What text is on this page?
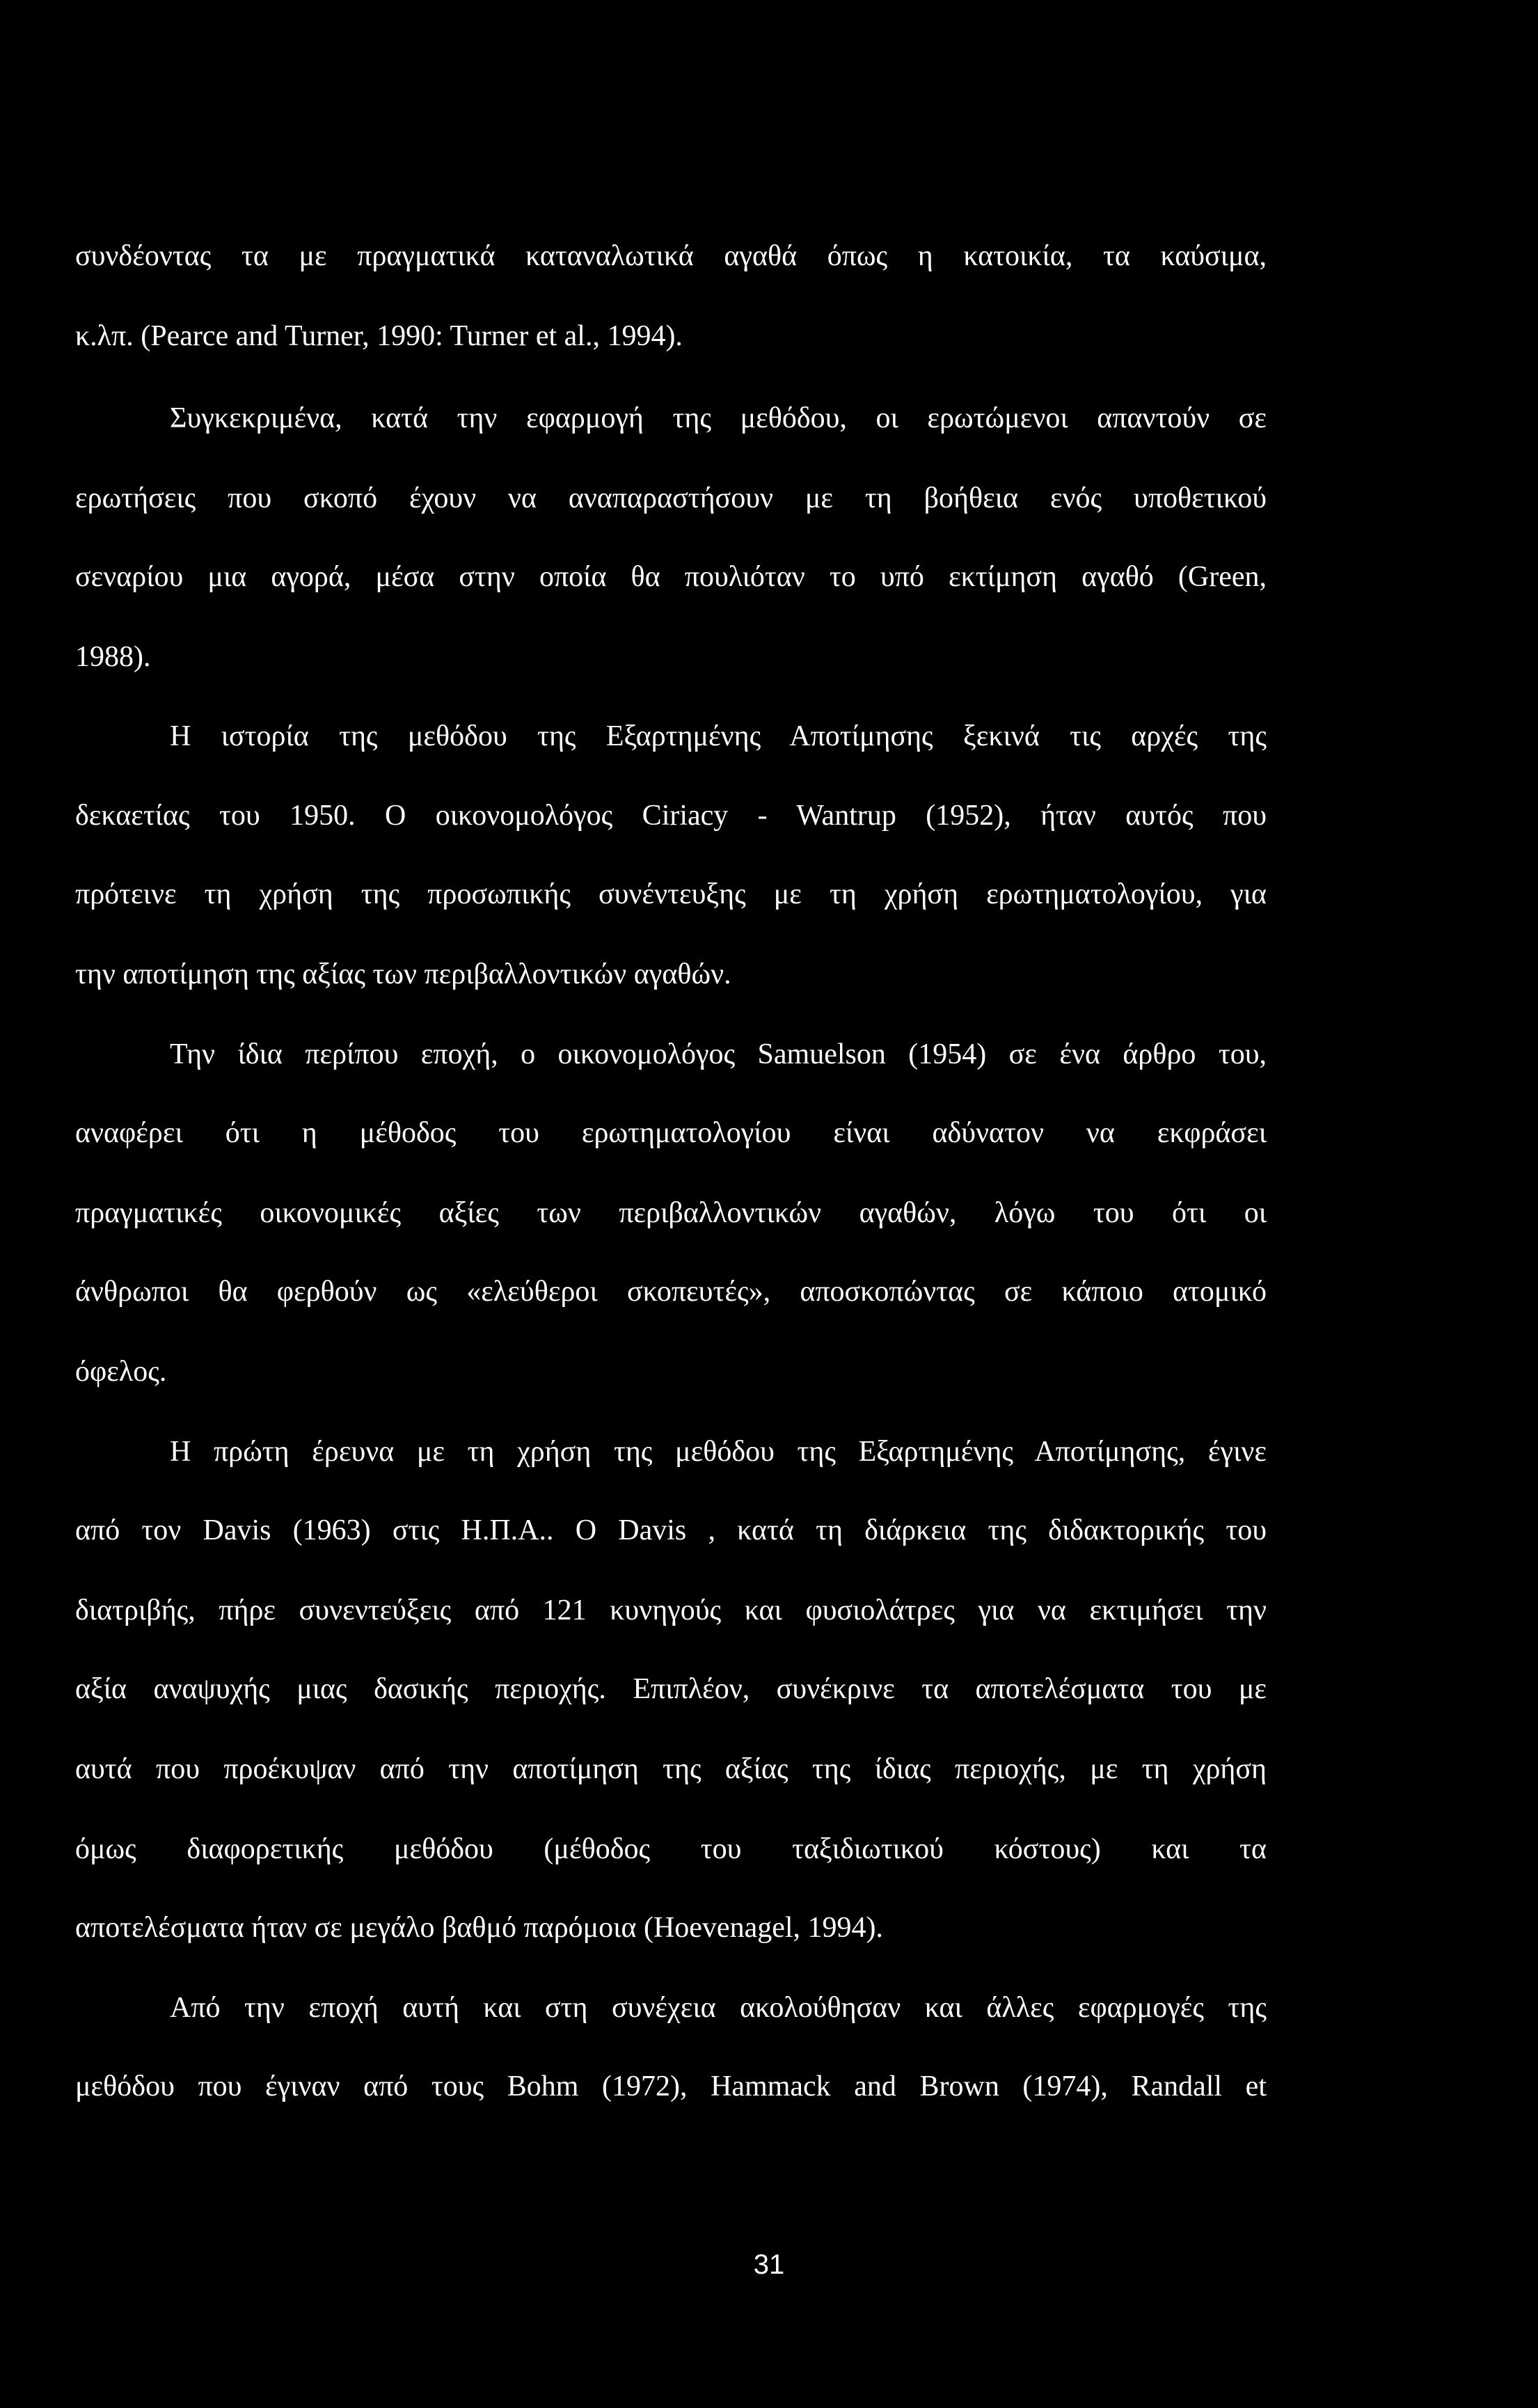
συνδέοντας τα με πραγματικά καταναλωτικά αγαθά όπως η κατοικία, τα καύσιμα,
κ.λπ. (Pearce and Turner, 1990: Turner et al., 1994).
Συγκεκριμένα, κατά την εφαρμογή της μεθόδου, οι ερωτώμενοι απαντούν σε
ερωτήσεις που σκοπό έχουν να αναπαραστήσουν με τη βοήθεια ενός υποθετικού
σεναρίου μια αγορά, μέσα στην οποία θα πουλιόταν το υπό εκτίμηση αγαθό (Green,
1988).
Η ιστορία της μεθόδου της Εξαρτημένης Αποτίμησης ξεκινά τις αρχές της
δεκαετίας του 1950. Ο οικονομολόγος Ciriacy - Wantrup (1952), ήταν αυτός που
πρότεινε τη χρήση της προσωπικής συνέντευξης με τη χρήση ερωτηματολογίου, για
την αποτίμηση της αξίας των περιβαλλοντικών αγαθών.
Την ίδια περίπου εποχή, ο οικονομολόγος Samuelson (1954) σε ένα άρθρο του,
αναφέρει ότι η μέθοδος του ερωτηματολογίου είναι αδύνατον να εκφράσει
πραγματικές οικονομικές αξίες των περιβαλλοντικών αγαθών, λόγω του ότι οι
άνθρωποι θα φερθούν ως «ελεύθεροι σκοπευτές», αποσκοπώντας σε κάποιο ατομικό
όφελος.
Η πρώτη έρευνα με τη χρήση της μεθόδου της Εξαρτημένης Αποτίμησης, έγινε
από τον Davis (1963) στις Η.Π.Α.. Ο Davis , κατά τη διάρκεια της διδακτορικής του
διατριβής, πήρε συνεντεύξεις από 121 κυνηγούς και φυσιολάτρες για να εκτιμήσει την
αξία αναψυχής μιας δασικής περιοχής. Επιπλέον, συνέκρινε τα αποτελέσματα του με
αυτά που προέκυψαν από την αποτίμηση της αξίας της ίδιας περιοχής, με τη χρήση
όμως διαφορετικής μεθόδου (μέθοδος του ταξιδιωτικού κόστους) και τα
αποτελέσματα ήταν σε μεγάλο βαθμό παρόμοια (Hoevenagel, 1994).
Από την εποχή αυτή και στη συνέχεια ακολούθησαν και άλλες εφαρμογές της
μεθόδου που έγιναν από τους Bohm (1972), Hammack and Brown (1974), Randall et
31
